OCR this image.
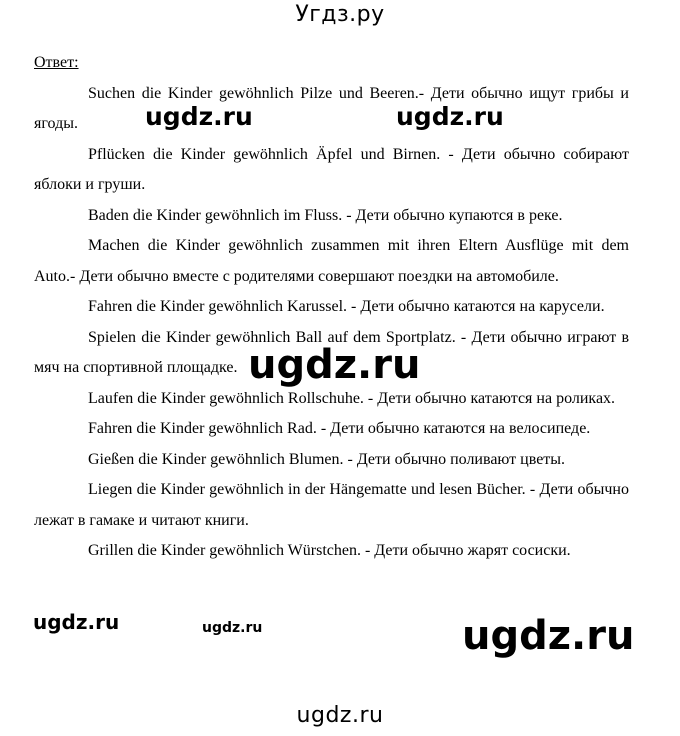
Угдз.ру

Ответ:

Suchen die Kinder gewöhnlich Pilze und Beeren.- Дети обычно ищут грибы и ягоды.

Pflücken die Kinder gewöhnlich Äpfel und Birnen. - Дети обычно собирают яблоки и груши.

Baden die Kinder gewöhnlich im Fluss. - Дети обычно купаются в реке.

Machen die Kinder gewöhnlich zusammen mit ihren Eltern Ausflüge mit dem Auto.- Дети обычно вместе с родителями совершают поездки на автомобиле.

Fahren die Kinder gewöhnlich Karussel. - Дети обычно катаются на карусели.

Spielen die Kinder gewöhnlich Ball auf dem Sportplatz. - Дети обычно играют в мяч на спортивной площадке.

Laufen die Kinder gewöhnlich Rollschuhe. - Дети обычно катаются на роликах.

Fahren die Kinder gewöhnlich Rad. - Дети обычно катаются на велосипеде.

Gießen die Kinder gewöhnlich Blumen. - Дети обычно поливают цветы.

Liegen die Kinder gewöhnlich in der Hängematte und lesen Bücher. - Дети обычно лежат в гамаке и читают книги.

Grillen die Kinder gewöhnlich Würstchen. - Дети обычно жарят сосиски.

ugdz.ru	ugdz.ru
ugdz.ru
ugdz.ru	ugdz.ru	ugdz.ru
ugdz.ru
